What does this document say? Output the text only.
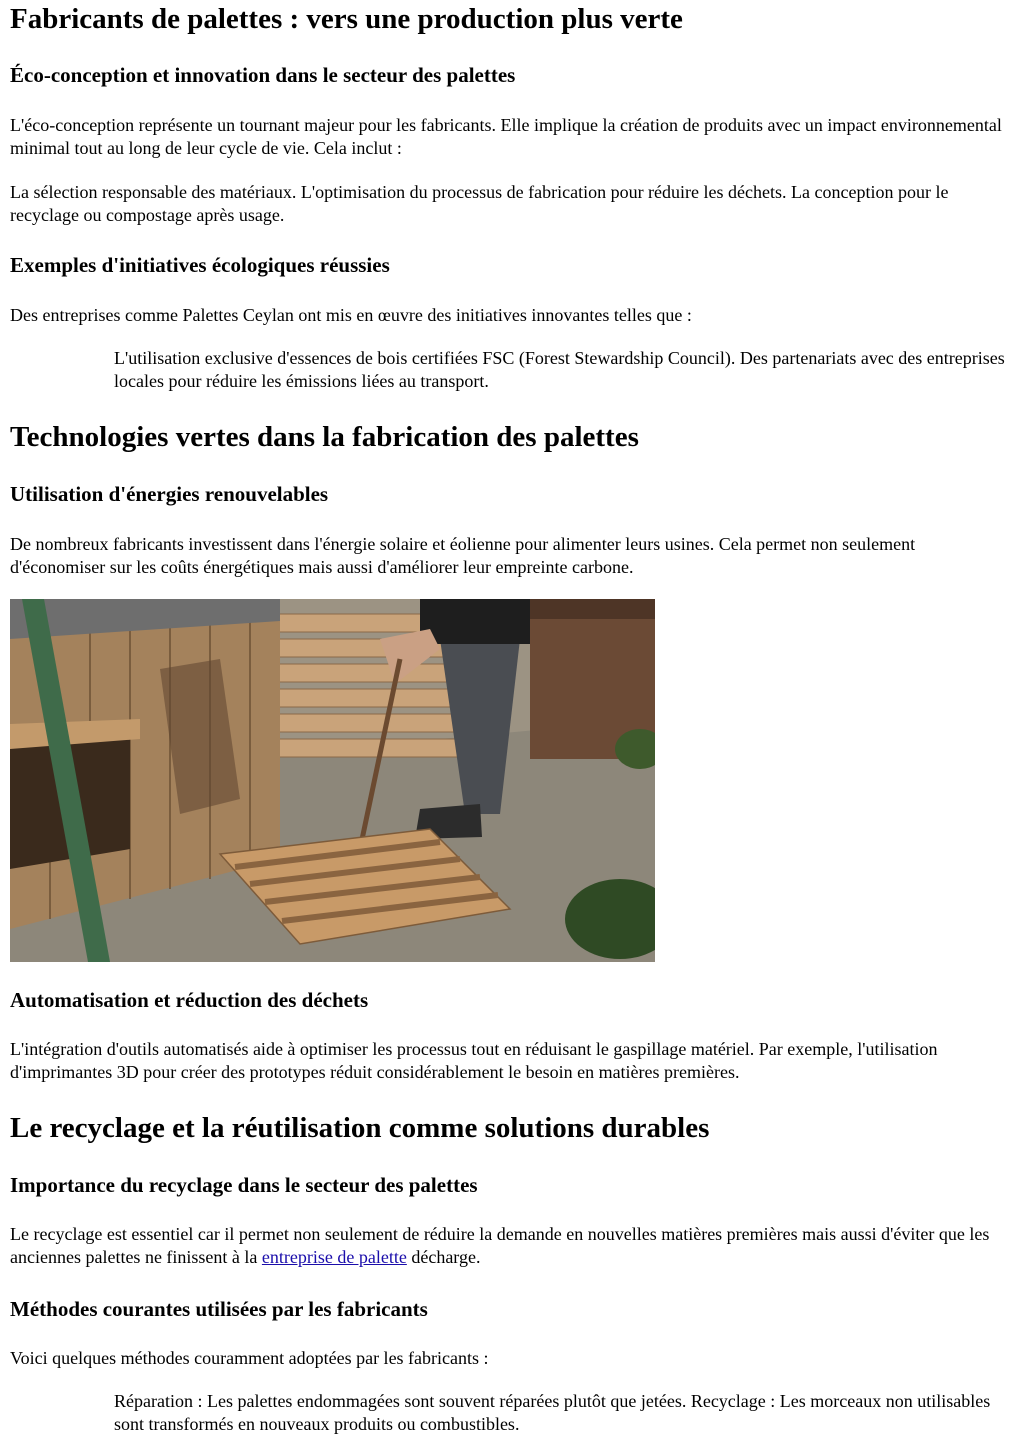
Fabricants de palettes : vers une production plus verte
Éco-conception et innovation dans le secteur des palettes

L'éco-conception représente un tournant majeur pour les fabricants. Elle implique la création de produits avec un impact environnemental minimal tout au long de leur cycle de vie. Cela inclut :

La sélection responsable des matériaux. L'optimisation du processus de fabrication pour réduire les déchets. La conception pour le recyclage ou compostage après usage.

Exemples d'initiatives écologiques réussies

Des entreprises comme Palettes Ceylan ont mis en œuvre des initiatives innovantes telles que :

L'utilisation exclusive d'essences de bois certifiées FSC (Forest Stewardship Council). Des partenariats avec des entreprises locales pour réduire les émissions liées au transport.
Technologies vertes dans la fabrication des palettes
Utilisation d'énergies renouvelables

De nombreux fabricants investissent dans l'énergie solaire et éolienne pour alimenter leurs usines. Cela permet non seulement d'économiser sur les coûts énergétiques mais aussi d'améliorer leur empreinte carbone.

Automatisation et réduction des déchets

L'intégration d'outils automatisés aide à optimiser les processus tout en réduisant le gaspillage matériel. Par exemple, l'utilisation d'imprimantes 3D pour créer des prototypes réduit considérablement le besoin en matières premières.

Le recyclage et la réutilisation comme solutions durables
Importance du recyclage dans le secteur des palettes

Le recyclage est essentiel car il permet non seulement de réduire la demande en nouvelles matières premières mais aussi d'éviter que les anciennes palettes ne finissent à la entreprise de palette décharge.

Méthodes courantes utilisées par les fabricants

Voici quelques méthodes couramment adoptées par les fabricants :

Réparation : Les palettes endommagées sont souvent réparées plutôt que jetées. Recyclage : Les morceaux non utilisables sont transformés en nouveaux produits ou combustibles.
